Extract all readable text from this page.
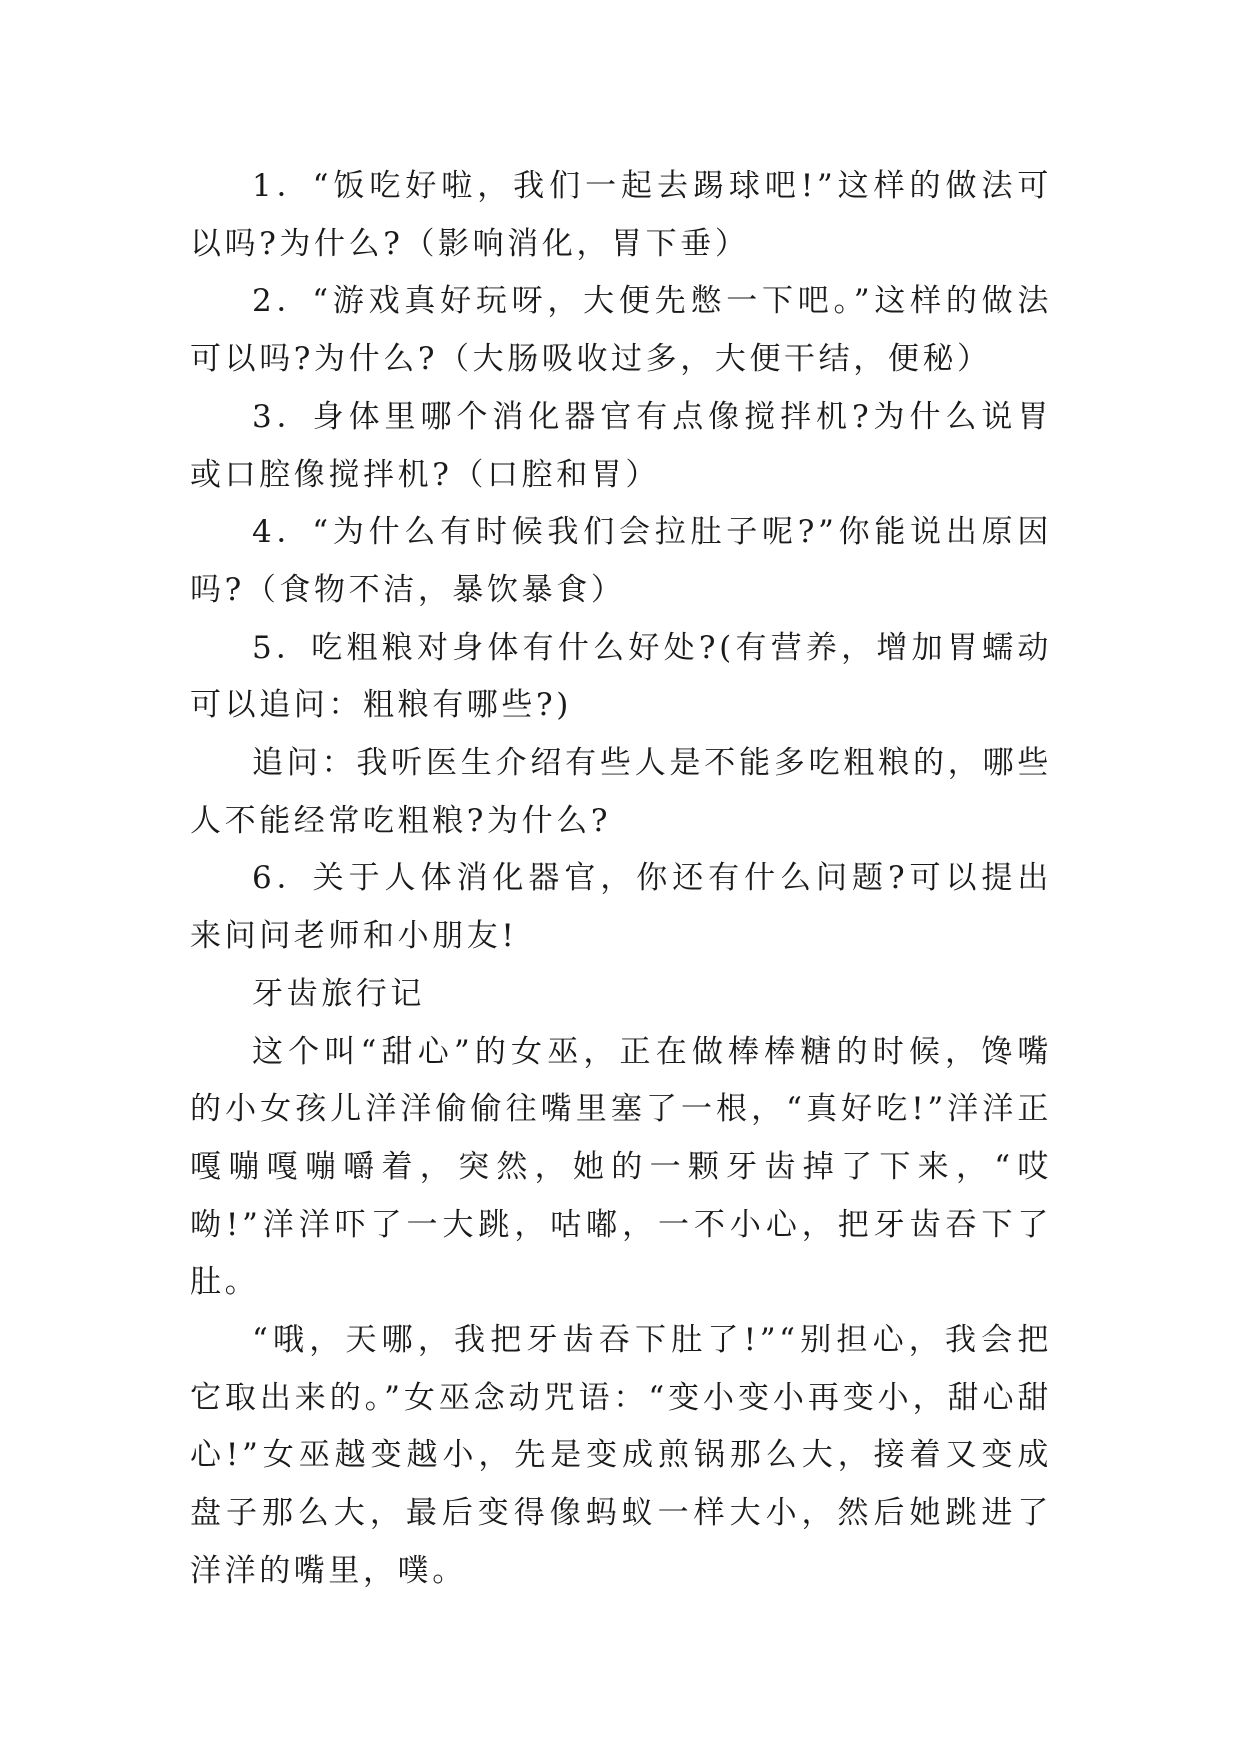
1．“饭吃好啦，我们一起去踢球吧!”这样的做法可以吗?为什么?（影响消化，胃下垂）

2．“游戏真好玩呀，大便先憋一下吧。”这样的做法可以吗?为什么?（大肠吸收过多，大便干结，便秘）

3．身体里哪个消化器官有点像搅拌机?为什么说胃或口腔像搅拌机?（口腔和胃）

4．“为什么有时候我们会拉肚子呢?”你能说出原因吗?（食物不洁，暴饮暴食）

5．吃粗粮对身体有什么好处?(有营养，增加胃蠕动可以追问：粗粮有哪些?)

追问：我听医生介绍有些人是不能多吃粗粮的，哪些人不能经常吃粗粮?为什么?

6．关于人体消化器官，你还有什么问题?可以提出来问问老师和小朋友!

牙齿旅行记

这个叫“甜心”的女巫，正在做棒棒糖的时候，馋嘴的小女孩儿洋洋偷偷往嘴里塞了一根，“真好吃!”洋洋正嘎嘣嘎嘣嚼着，突然，她的一颗牙齿掉了下来，“哎呦!”洋洋吓了一大跳，咕嘟，一不小心，把牙齿吞下了肚。

“哦，天哪，我把牙齿吞下肚了!”“别担心，我会把它取出来的。”女巫念动咒语：“变小变小再变小，甜心甜心!”女巫越变越小，先是变成煎锅那么大，接着又变成盘子那么大，最后变得像蚂蚁一样大小，然后她跳进了洋洋的嘴里，噗。
